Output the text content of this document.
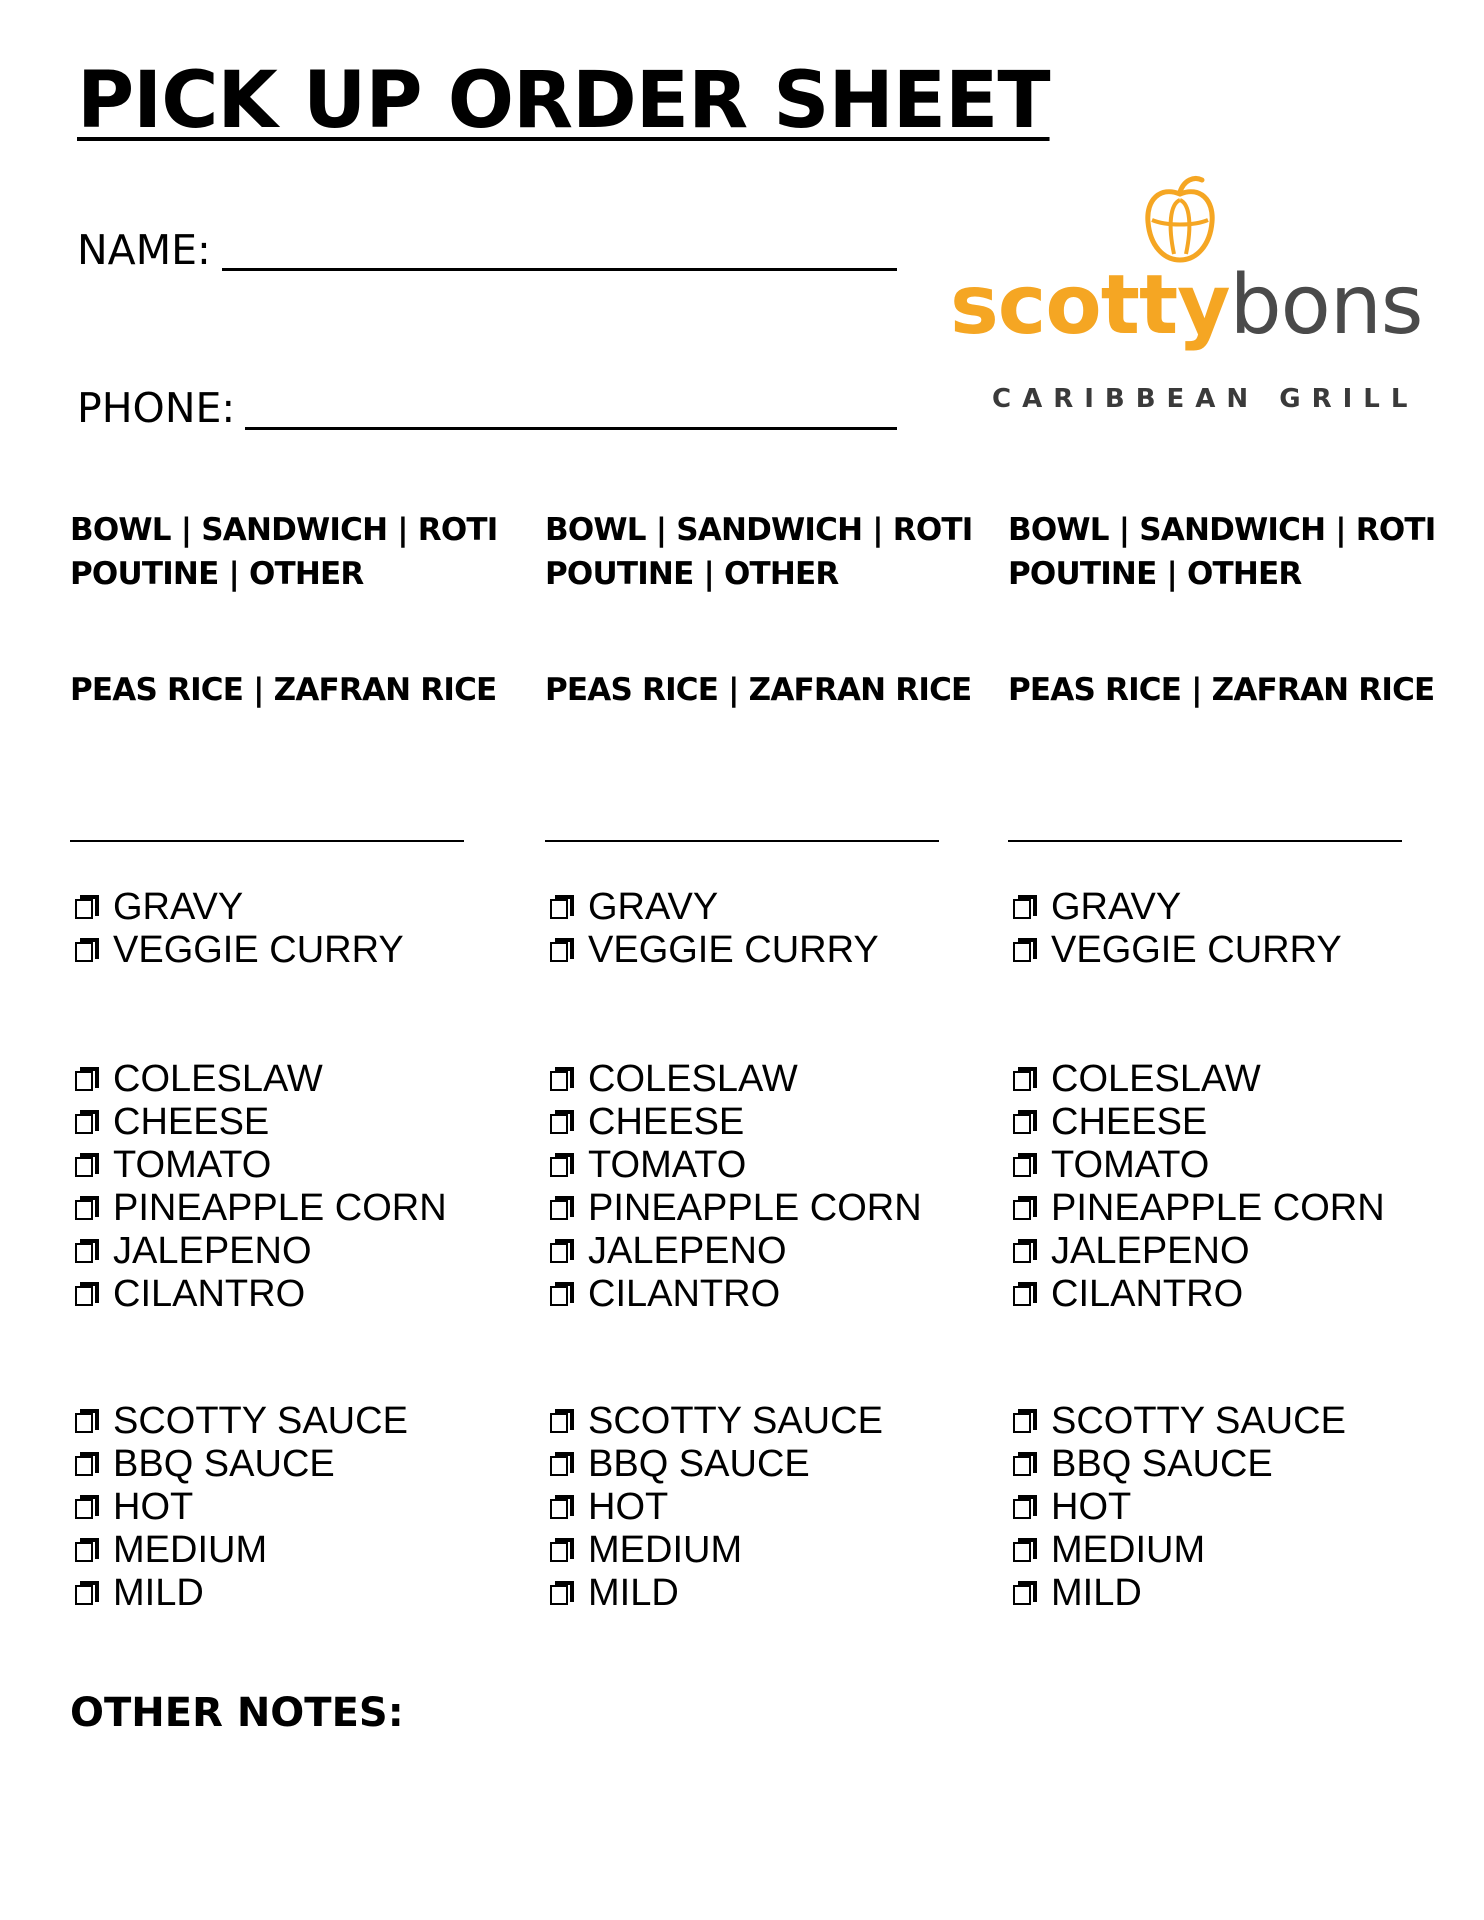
PICK UP ORDER SHEET
NAME:
PHONE:
scottybons
CARIBBEAN GRILL
BOWL | SANDWICH | ROTI
POUTINE | OTHER
PEAS RICE | ZAFRAN RICE
GRAVY
VEGGIE CURRY
COLESLAW
CHEESE
TOMATO
PINEAPPLE CORN
JALEPENO
CILANTRO
SCOTTY SAUCE
BBQ SAUCE
HOT
MEDIUM
MILD
BOWL | SANDWICH | ROTI
POUTINE | OTHER
PEAS RICE | ZAFRAN RICE
GRAVY
VEGGIE CURRY
COLESLAW
CHEESE
TOMATO
PINEAPPLE CORN
JALEPENO
CILANTRO
SCOTTY SAUCE
BBQ SAUCE
HOT
MEDIUM
MILD
BOWL | SANDWICH | ROTI
POUTINE | OTHER
PEAS RICE | ZAFRAN RICE
GRAVY
VEGGIE CURRY
COLESLAW
CHEESE
TOMATO
PINEAPPLE CORN
JALEPENO
CILANTRO
SCOTTY SAUCE
BBQ SAUCE
HOT
MEDIUM
MILD
OTHER NOTES:
